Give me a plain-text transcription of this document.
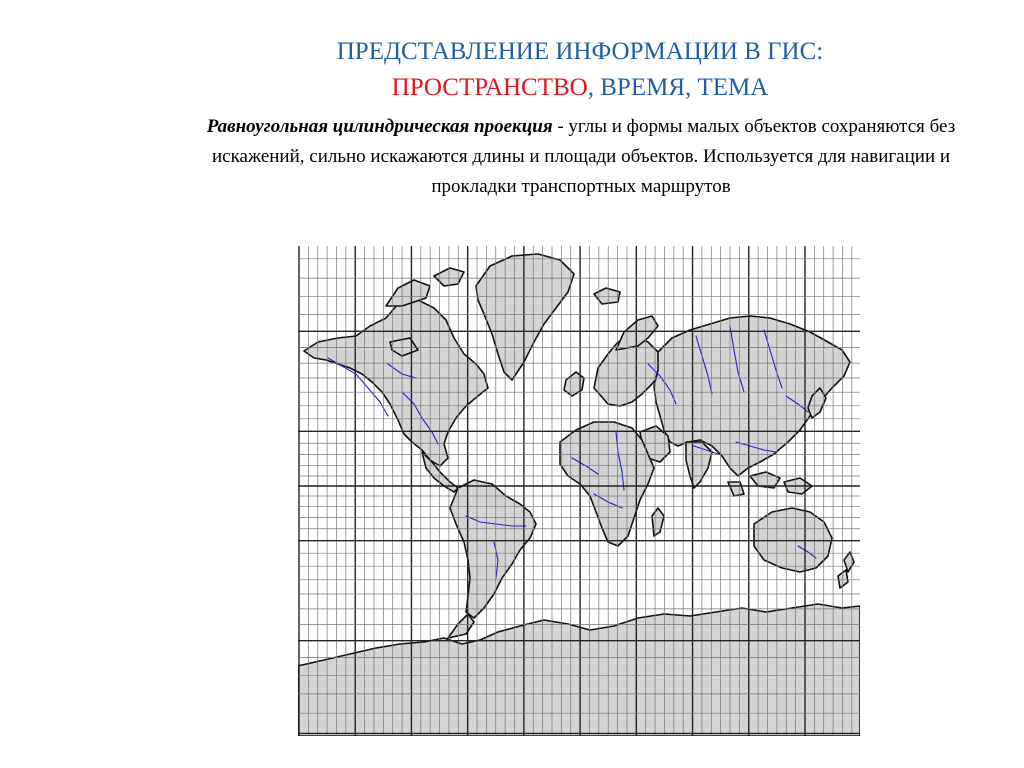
ПРЕДСТАВЛЕНИЕ ИНФОРМАЦИИ В ГИС:
ПРОСТРАНСТВО, ВРЕМЯ, ТЕМА
Равноугольная цилиндрическая проекция - углы и формы малых объектов сохраняются без искажений, сильно искажаются длины и площади объектов. Используется для навигации и прокладки транспортных маршрутов
